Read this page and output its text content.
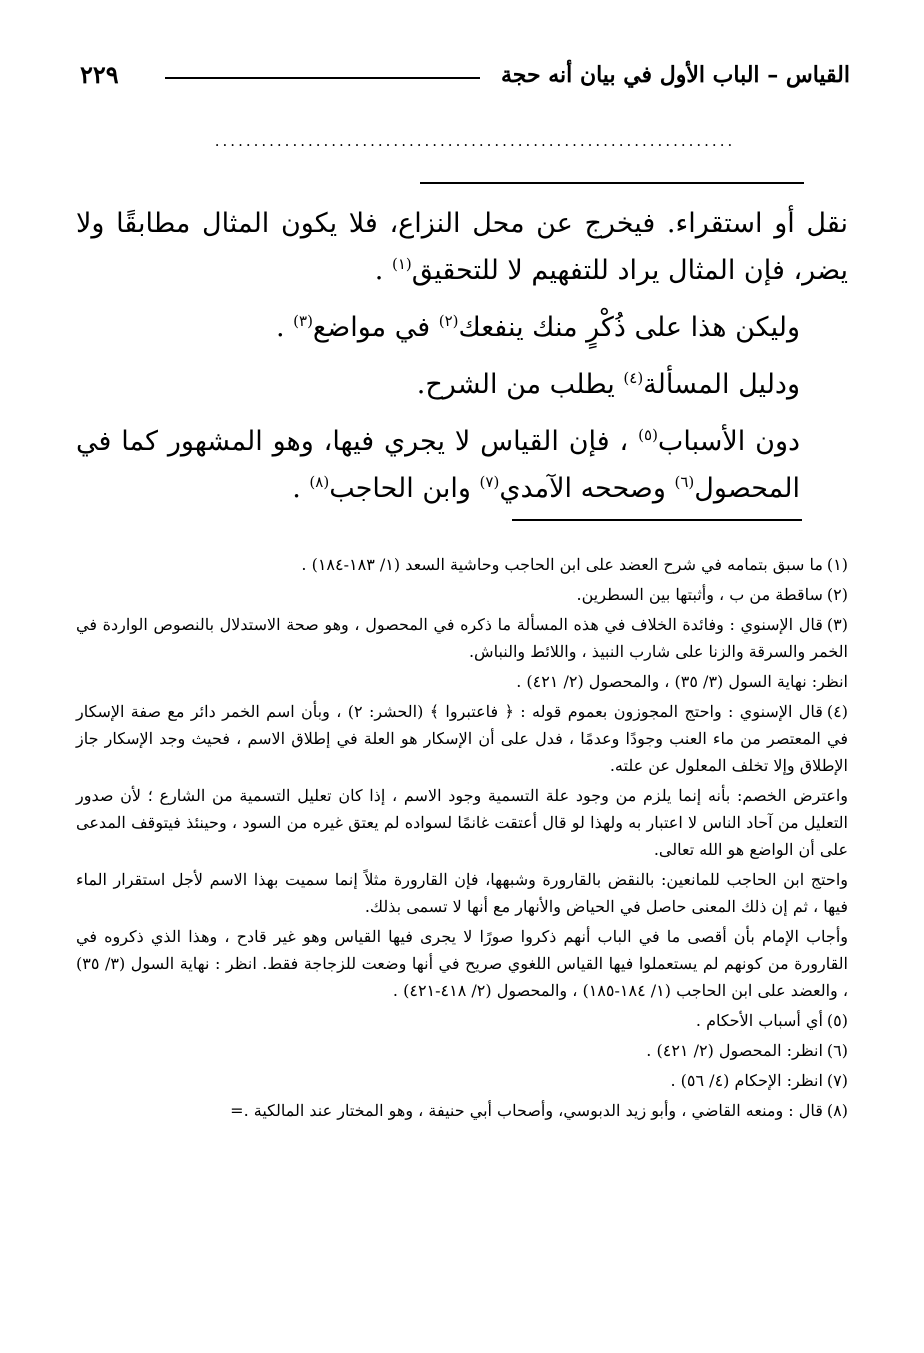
القياس – الباب الأول في بيان أنه حجة
٢٢٩
...................................................................

نقل أو استقراء. فيخرج عن محل النزاع، فلا يكون المثال مطابقًا ولا يضر، فإن المثال يراد للتفهيم لا للتحقيق$^{(١)}$ .

وليكن هذا على ذُكْرٍ منك ينفعك$^{(٢)}$ في مواضع$^{(٣)}$ .

ودليل المسألة$^{(٤)}$ يطلب من الشرح.

دون الأسباب$^{(٥)}$ ، فإن القياس لا يجري فيها، وهو المشهور كما في المحصول$^{(٦)}$ وصححه الآمدي$^{(٧)}$ وابن الحاجب$^{(٨)}$ .

(١)ما سبق بتمامه في شرح العضد على ابن الحاجب وحاشية السعد (١/ ١٨٣-١٨٤) .

(٢)ساقطة من ب ، وأثبتها بين السطرين.

(٣)قال الإسنوي : وفائدة الخلاف في هذه المسألة ما ذكره في المحصول ، وهو صحة الاستدلال بالنصوص الواردة في الخمر والسرقة والزنا على شارب النبيذ ، واللائط والنباش.

انظر: نهاية السول (٣/ ٣٥) ، والمحصول (٢/ ٤٢١) .

(٤)قال الإسنوي : واحتج المجوزون بعموم قوله : ﴿ فاعتبروا ﴾ (الحشر: ٢) ، وبأن اسم الخمر دائر مع صفة الإسكار في المعتصر من ماء العنب وجودًا وعدمًا ، فدل على أن الإسكار هو العلة في إطلاق الاسم ، فحيث وجد الإسكار جاز الإطلاق وإلا تخلف المعلول عن علته.

واعترض الخصم: بأنه إنما يلزم من وجود علة التسمية وجود الاسم ، إذا كان تعليل التسمية من الشارع ؛ لأن صدور التعليل من آحاد الناس لا اعتبار به ولهذا لو قال أعتقت غانمًا لسواده لم يعتق غيره من السود ، وحينئذ فيتوقف المدعى على أن الواضع هو الله تعالى.

واحتج ابن الحاجب للمانعين: بالنقض بالقارورة وشبهها، فإن القارورة مثلاً إنما سميت بهذا الاسم لأجل استقرار الماء فيها ، ثم إن ذلك المعنى حاصل في الحياض والأنهار مع أنها لا تسمى بذلك.

وأجاب الإمام بأن أقصى ما في الباب أنهم ذكروا صورًا لا يجرى فيها القياس وهو غير قادح ، وهذا الذي ذكروه في القارورة من كونهم لم يستعملوا فيها القياس اللغوي صريح في أنها وضعت للزجاجة فقط. انظر : نهاية السول (٣/ ٣٥) ، والعضد على ابن الحاجب (١/ ١٨٤-١٨٥) ، والمحصول (٢/ ٤١٨-٤٢١) .

(٥)أي أسباب الأحكام .

(٦)انظر: المحصول (٢/ ٤٢١) .

(٧)انظر: الإحكام (٤/ ٥٦) .

(٨)قال : ومنعه القاضي ، وأبو زيد الدبوسي، وأصحاب أبي حنيفة ، وهو المختار عند المالكية .=
